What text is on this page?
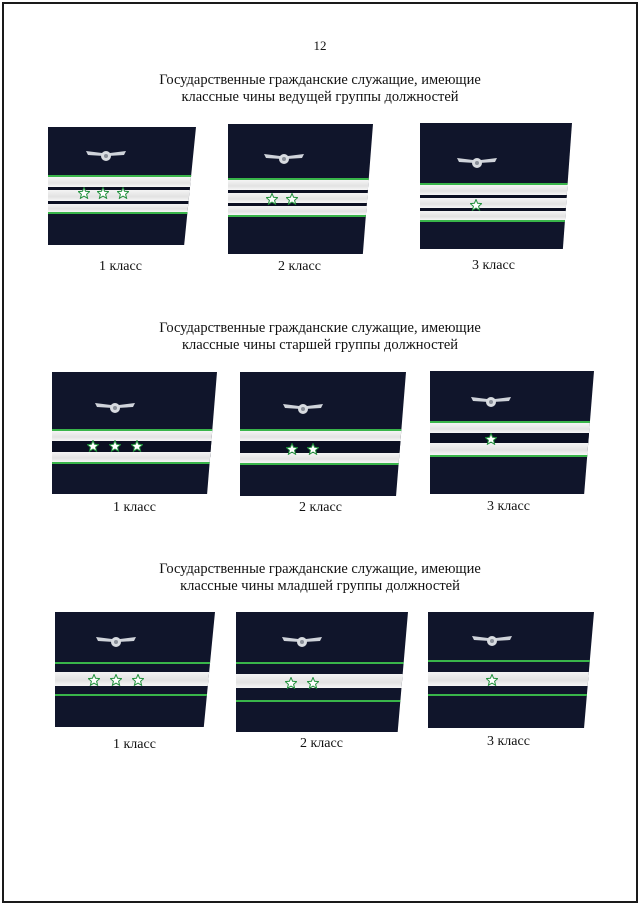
12
Государственные гражданские служащие, имеющие
классные чины ведущей группы должностей
1 класс	2 класс	3 класс
Государственные гражданские служащие, имеющие
классные чины старшей группы должностей
1 класс	2 класс	3 класс
Государственные гражданские служащие, имеющие
классные чины младшей группы должностей
1 класс	2 класс	3 класс
